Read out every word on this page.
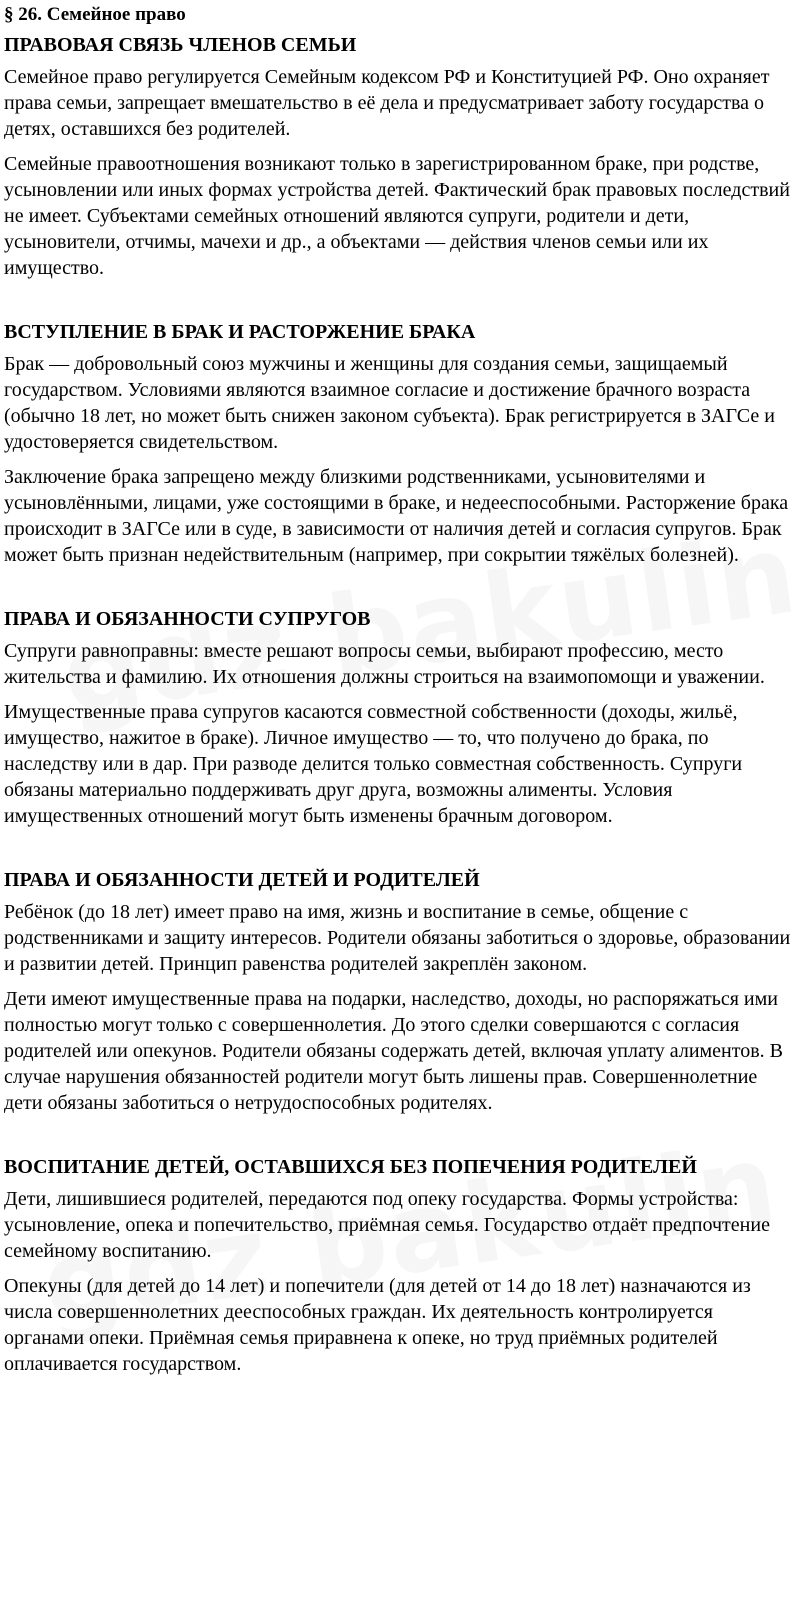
§ 26. Семейное право
ПРАВОВАЯ СВЯЗЬ ЧЛЕНОВ СЕМЬИ

Семейное право регулируется Семейным кодексом РФ и Конституцией РФ. Оно охраняет права семьи, запрещает вмешательство в её дела и предусматривает заботу государства о детях, оставшихся без родителей.

Семейные правоотношения возникают только в зарегистрированном браке, при родстве, усыновлении или иных формах устройства детей. Фактический брак правовых последствий не имеет. Субъектами семейных отношений являются супруги, родители и дети, усыновители, отчимы, мачехи и др., а объектами — действия членов семьи или их имущество.

ВСТУПЛЕНИЕ В БРАК И РАСТОРЖЕНИЕ БРАКА

Брак — добровольный союз мужчины и женщины для создания семьи, защищаемый государством. Условиями являются взаимное согласие и достижение брачного возраста (обычно 18 лет, но может быть снижен законом субъекта). Брак регистрируется в ЗАГСе и удостоверяется свидетельством.

Заключение брака запрещено между близкими родственниками, усыновителями и усыновлёнными, лицами, уже состоящими в браке, и недееспособными. Расторжение брака происходит в ЗАГСе или в суде, в зависимости от наличия детей и согласия супругов. Брак может быть признан недействительным (например, при сокрытии тяжёлых болезней).

ПРАВА И ОБЯЗАННОСТИ СУПРУГОВ

Супруги равноправны: вместе решают вопросы семьи, выбирают профессию, место жительства и фамилию. Их отношения должны строиться на взаимопомощи и уважении.

Имущественные права супругов касаются совместной собственности (доходы, жильё, имущество, нажитое в браке). Личное имущество — то, что получено до брака, по наследству или в дар. При разводе делится только совместная собственность. Супруги обязаны материально поддерживать друг друга, возможны алименты. Условия имущественных отношений могут быть изменены брачным договором.

ПРАВА И ОБЯЗАННОСТИ ДЕТЕЙ И РОДИТЕЛЕЙ

Ребёнок (до 18 лет) имеет право на имя, жизнь и воспитание в семье, общение с родственниками и защиту интересов. Родители обязаны заботиться о здоровье, образовании и развитии детей. Принцип равенства родителей закреплён законом.

Дети имеют имущественные права на подарки, наследство, доходы, но распоряжаться ими полностью могут только с совершеннолетия. До этого сделки совершаются с согласия родителей или опекунов. Родители обязаны содержать детей, включая уплату алиментов. В случае нарушения обязанностей родители могут быть лишены прав. Совершеннолетние дети обязаны заботиться о нетрудоспособных родителях.

ВОСПИТАНИЕ ДЕТЕЙ, ОСТАВШИХСЯ БЕЗ ПОПЕЧЕНИЯ РОДИТЕЛЕЙ

Дети, лишившиеся родителей, передаются под опеку государства. Формы устройства: усыновление, опека и попечительство, приёмная семья. Государство отдаёт предпочтение семейному воспитанию.

Опекуны (для детей до 14 лет) и попечители (для детей от 14 до 18 лет) назначаются из числа совершеннолетних дееспособных граждан. Их деятельность контролируется органами опеки. Приёмная семья приравнена к опеке, но труд приёмных родителей оплачивается государством.
